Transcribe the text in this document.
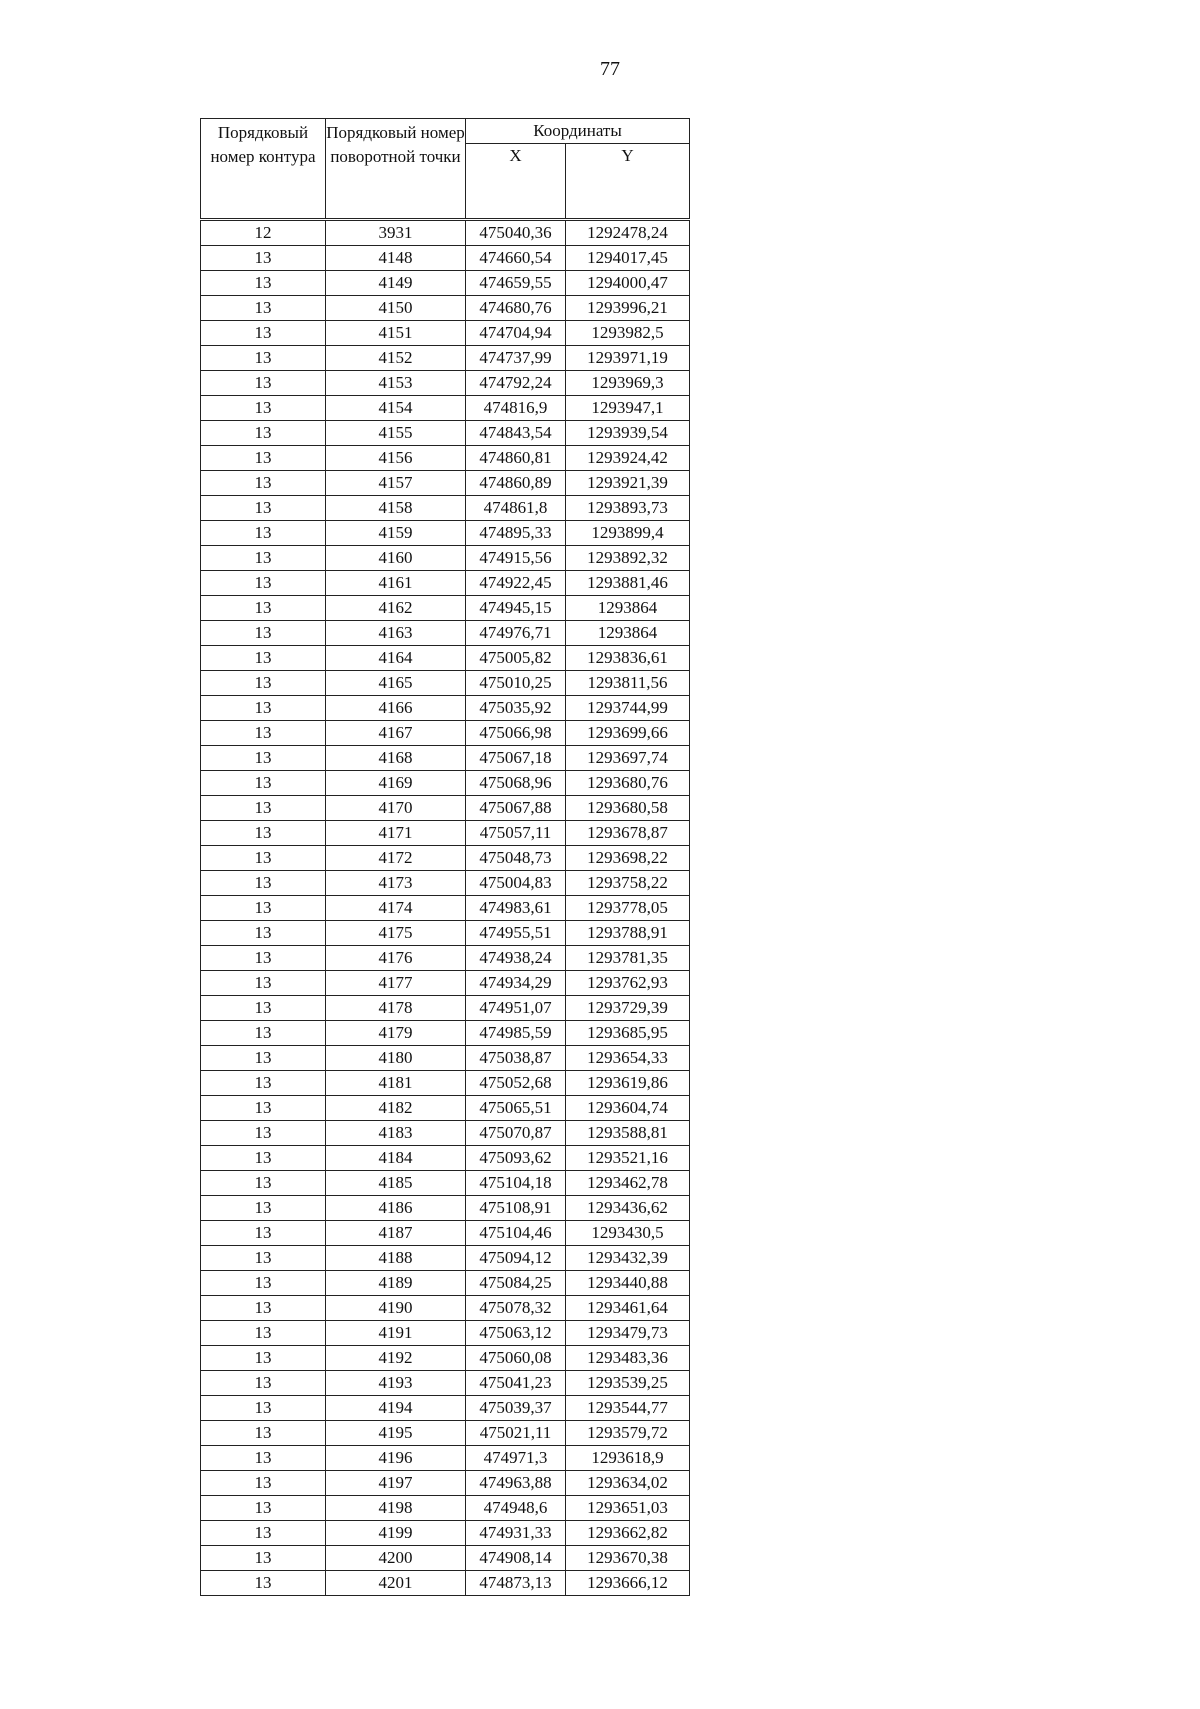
77
Порядковый номер контура	Порядковый номер поворотной точки	Координаты	
		X	Y
12	3931	475040,36	1292478,24
13	4148	474660,54	1294017,45
13	4149	474659,55	1294000,47
13	4150	474680,76	1293996,21
13	4151	474704,94	1293982,5
13	4152	474737,99	1293971,19
13	4153	474792,24	1293969,3
13	4154	474816,9	1293947,1
13	4155	474843,54	1293939,54
13	4156	474860,81	1293924,42
13	4157	474860,89	1293921,39
13	4158	474861,8	1293893,73
13	4159	474895,33	1293899,4
13	4160	474915,56	1293892,32
13	4161	474922,45	1293881,46
13	4162	474945,15	1293864
13	4163	474976,71	1293864
13	4164	475005,82	1293836,61
13	4165	475010,25	1293811,56
13	4166	475035,92	1293744,99
13	4167	475066,98	1293699,66
13	4168	475067,18	1293697,74
13	4169	475068,96	1293680,76
13	4170	475067,88	1293680,58
13	4171	475057,11	1293678,87
13	4172	475048,73	1293698,22
13	4173	475004,83	1293758,22
13	4174	474983,61	1293778,05
13	4175	474955,51	1293788,91
13	4176	474938,24	1293781,35
13	4177	474934,29	1293762,93
13	4178	474951,07	1293729,39
13	4179	474985,59	1293685,95
13	4180	475038,87	1293654,33
13	4181	475052,68	1293619,86
13	4182	475065,51	1293604,74
13	4183	475070,87	1293588,81
13	4184	475093,62	1293521,16
13	4185	475104,18	1293462,78
13	4186	475108,91	1293436,62
13	4187	475104,46	1293430,5
13	4188	475094,12	1293432,39
13	4189	475084,25	1293440,88
13	4190	475078,32	1293461,64
13	4191	475063,12	1293479,73
13	4192	475060,08	1293483,36
13	4193	475041,23	1293539,25
13	4194	475039,37	1293544,77
13	4195	475021,11	1293579,72
13	4196	474971,3	1293618,9
13	4197	474963,88	1293634,02
13	4198	474948,6	1293651,03
13	4199	474931,33	1293662,82
13	4200	474908,14	1293670,38
13	4201	474873,13	1293666,12
